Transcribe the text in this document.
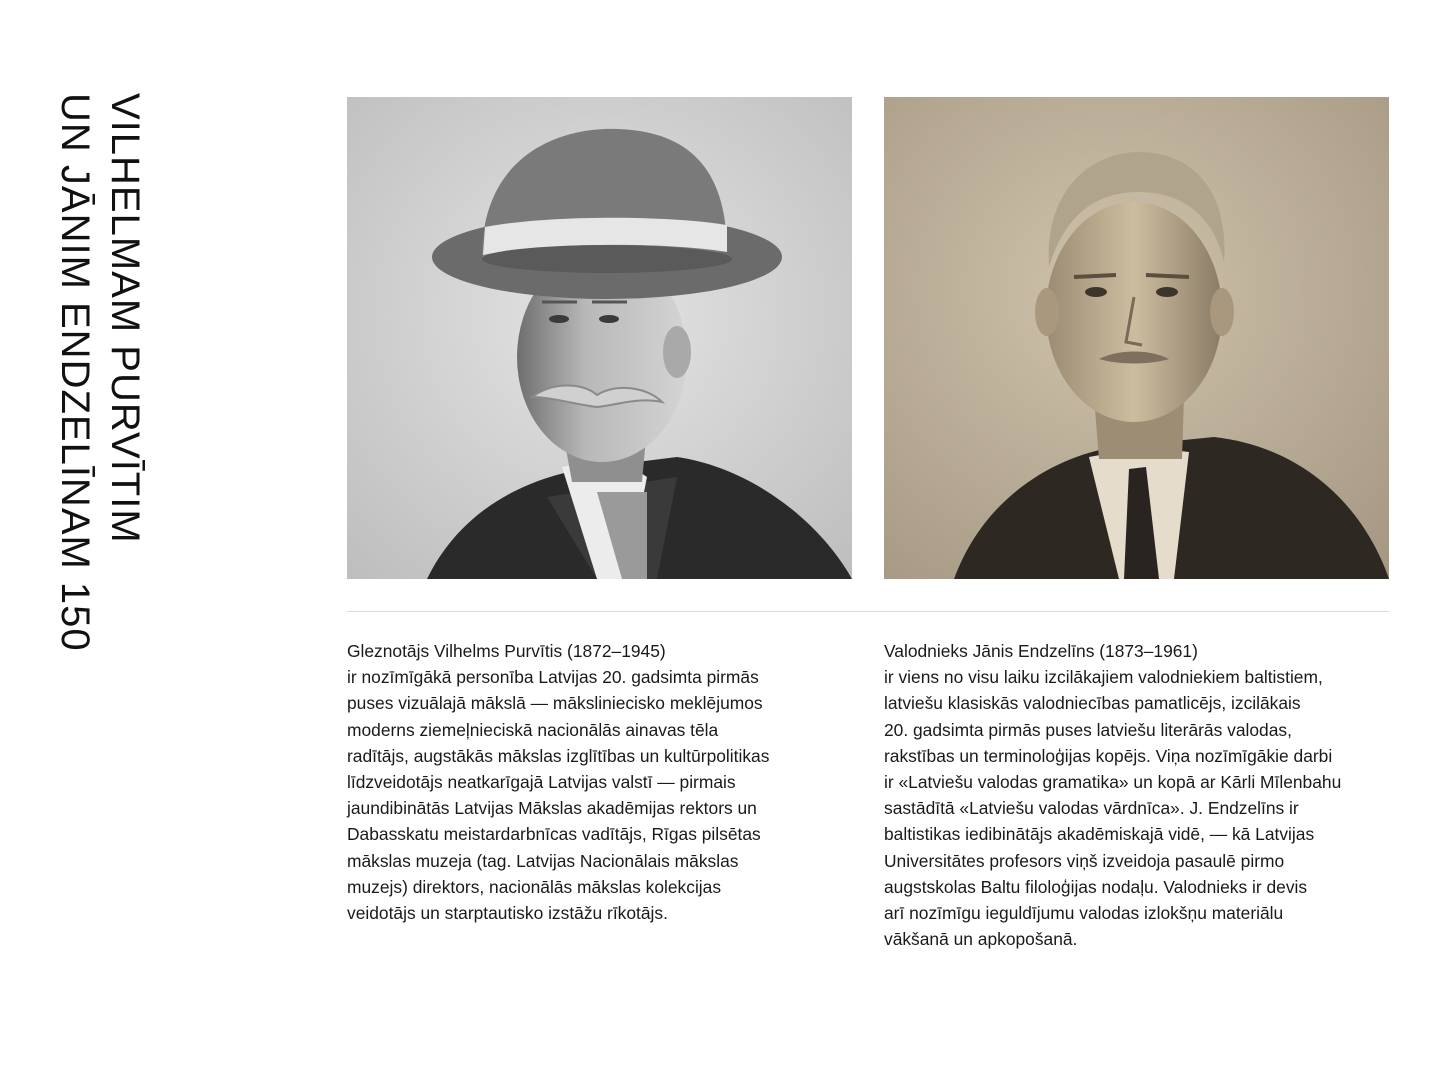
VILHELMAM PURVĪTIM
UN JĀNIM ENDZELĪNAM 150	Gleznotājs Vilhelms Purvītis (1872–1945)
ir nozīmīgākā personība Latvijas 20. gadsimta pirmās
puses vizuālajā mākslā — māksliniecisko meklējumos
moderns ziemeļnieciskā nacionālās ainavas tēla
radītājs, augstākās mākslas izglītības un kultūrpolitikas
līdzveidotājs neatkarīgajā Latvijas valstī — pirmais
jaundibinātās Latvijas Mākslas akadēmijas rektors un
Dabasskatu meistardarbnīcas vadītājs, Rīgas pilsētas
mākslas muzeja (tag. Latvijas Nacionālais mākslas
muzejs) direktors, nacionālās mākslas kolekcijas
veidotājs un starptautisko izstāžu rīkotājs.

Valodnieks Jānis Endzelīns (1873–1961)
ir viens no visu laiku izcilākajiem valodniekiem baltistiem,
latviešu klasiskās valodniecības pamatlicējs, izcilākais
20. gadsimta pirmās puses latviešu literārās valodas,
rakstības un terminoloģijas kopējs. Viņa nozīmīgākie darbi
ir «Latviešu valodas gramatika» un kopā ar Kārli Mīlenbahu
sastādītā «Latviešu valodas vārdnīca». J. Endzelīns ir
baltistikas iedibinātājs akadēmiskajā vidē, — kā Latvijas
Universitātes profesors viņš izveidoja pasaulē pirmo
augstskolas Baltu filoloģijas nodaļu. Valodnieks ir devis
arī nozīmīgu ieguldījumu valodas izlokšņu materiālu
vākšanā un apkopošanā.
